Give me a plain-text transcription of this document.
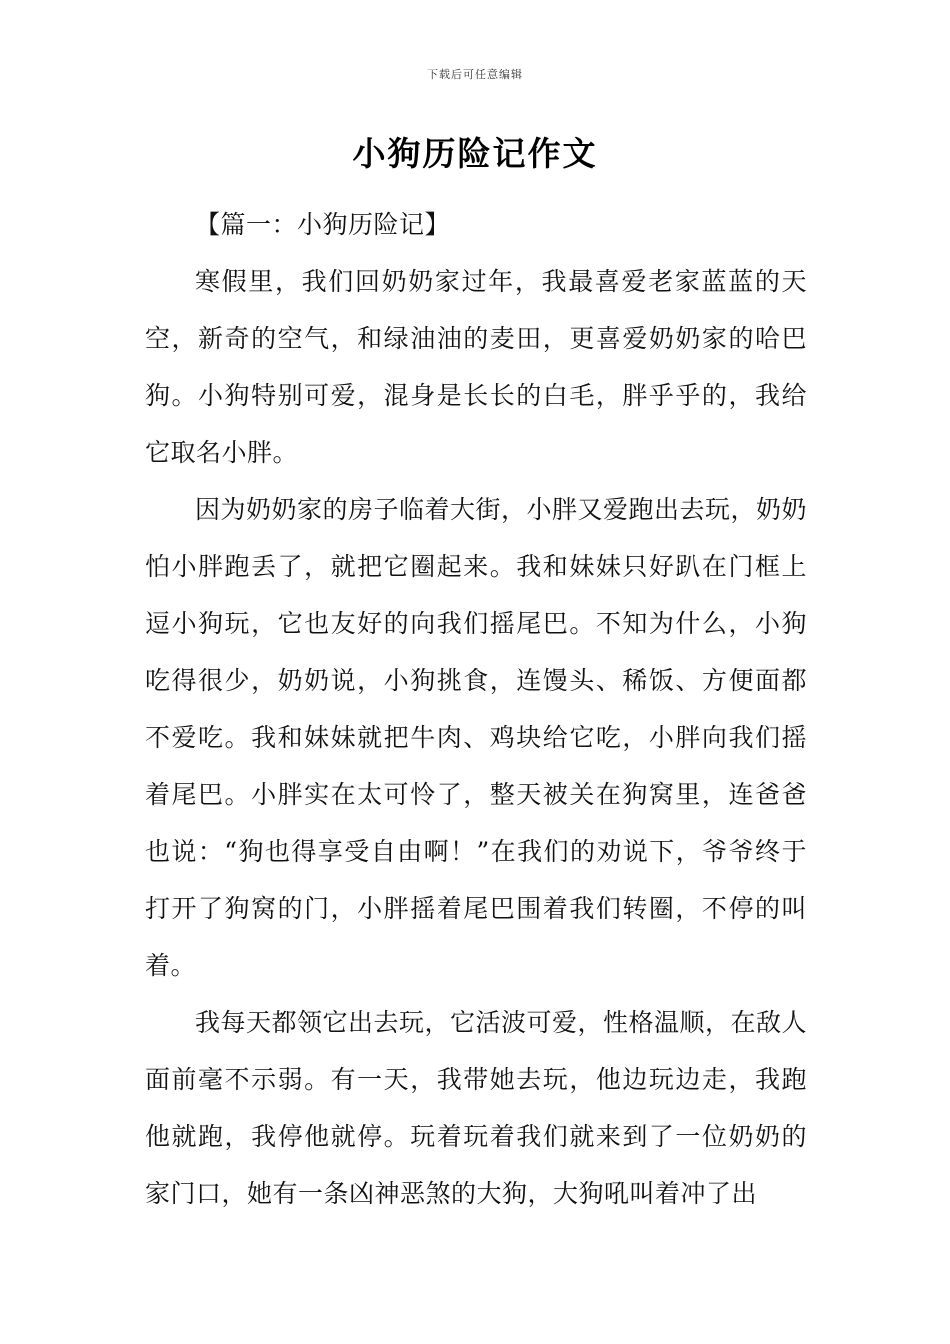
下载后可任意编辑
小狗历险记作文

【篇一：小狗历险记】

寒假里，我们回奶奶家过年，我最喜爱老家蓝蓝的天空，新奇的空气，和绿油油的麦田，更喜爱奶奶家的哈巴狗。小狗特别可爱，混身是长长的白毛，胖乎乎的，我给它取名小胖。

因为奶奶家的房子临着大街，小胖又爱跑出去玩，奶奶怕小胖跑丢了，就把它圈起来。我和妹妹只好趴在门框上逗小狗玩，它也友好的向我们摇尾巴。不知为什么，小狗吃得很少，奶奶说，小狗挑食，连馒头、稀饭、方便面都不爱吃。我和妹妹就把牛肉、鸡块给它吃，小胖向我们摇着尾巴。小胖实在太可怜了，整天被关在狗窝里，连爸爸也说：“狗也得享受自由啊！”在我们的劝说下，爷爷终于打开了狗窝的门，小胖摇着尾巴围着我们转圈，不停的叫着。

我每天都领它出去玩，它活波可爱，性格温顺，在敌人面前毫不示弱。有一天，我带她去玩，他边玩边走，我跑他就跑，我停他就停。玩着玩着我们就来到了一位奶奶的家门口，她有一条凶神恶煞的大狗，大狗吼叫着冲了出
